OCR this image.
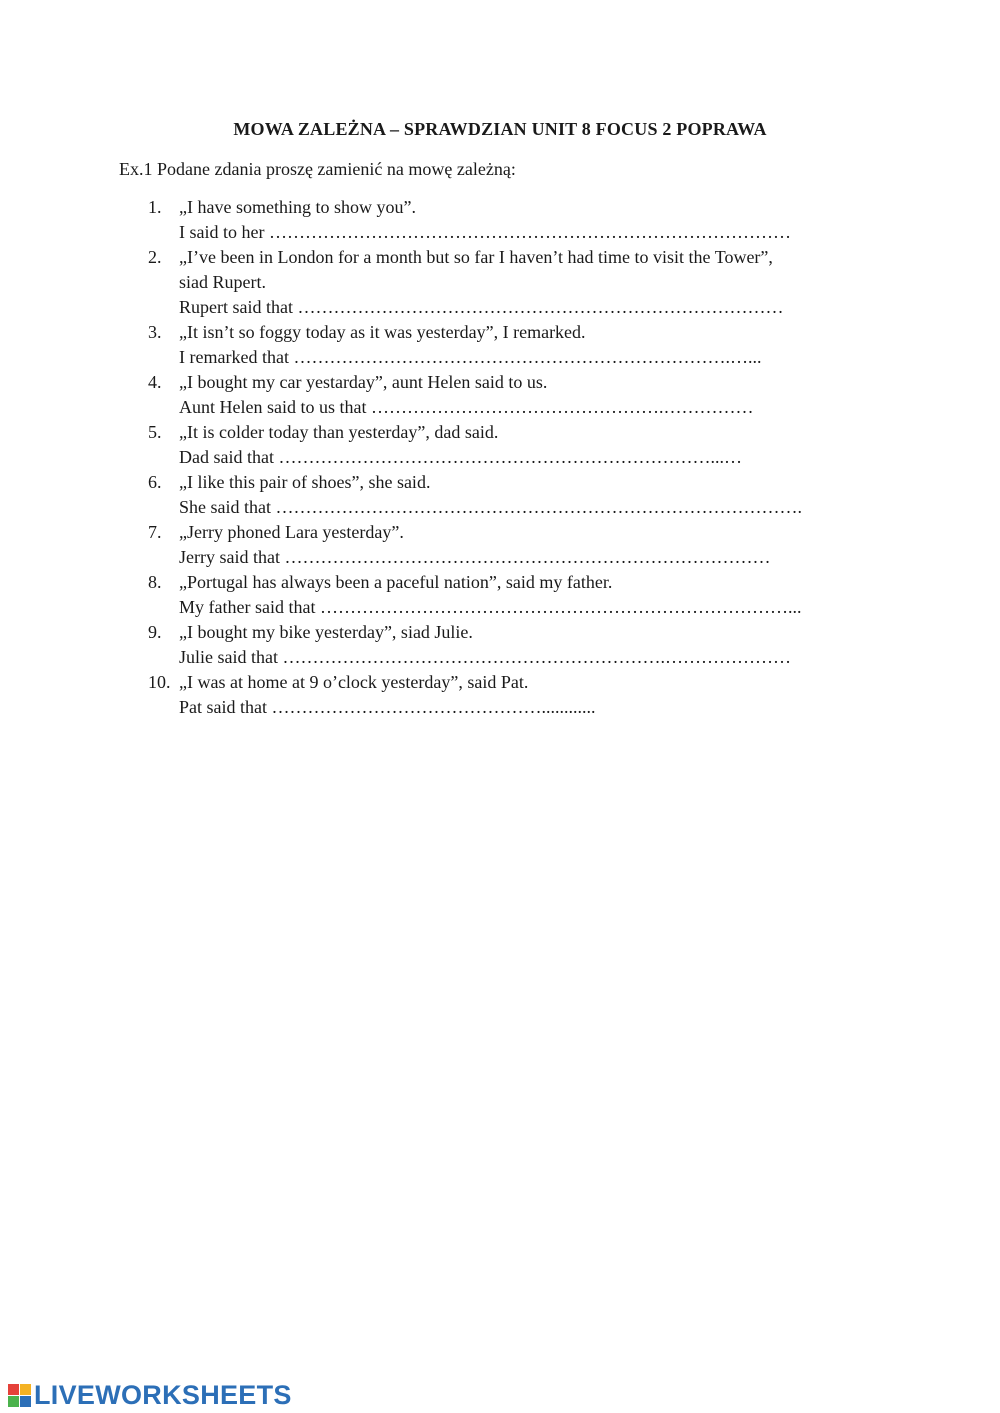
MOWA ZALEŻNA – SPRAWDZIAN UNIT 8 FOCUS 2 POPRAWA
Ex.1 Podane zdania proszę zamienić na mowę zależną:
1. „I have something to show you”.
I said to her ……………………………………………………………………………
2. „I’ve been in London for a month but so far I haven’t had time to visit the Tower”,
siad Rupert.
Rupert said that ………………………………………………………………………
3. „It isn’t so foggy today as it was yesterday”, I remarked.
I remarked that ……………………………………………………………….…...
4. „I bought my car yestarday”, aunt Helen said to us.
Aunt Helen said to us that ………………………………………….……………
5. „It is colder today than yesterday”, dad said.
Dad said that ………………………………………………………………...…
6. „I like this pair of shoes”, she said.
She said that …………………………………………………………………………….
7. „Jerry phoned Lara yesterday”.
Jerry said that ………………………………………………………………………
8. „Portugal has always been a paceful nation”, said my father.
My father said that ……………………………………………………………………...
9. „I bought my bike yesterday”, siad Julie.
Julie said that ……………………………………………………….…………………
10. „I was at home at 9 o’clock yesterday”, said Pat.
Pat said that ………………………………………............
LIVEWORKSHEETS
